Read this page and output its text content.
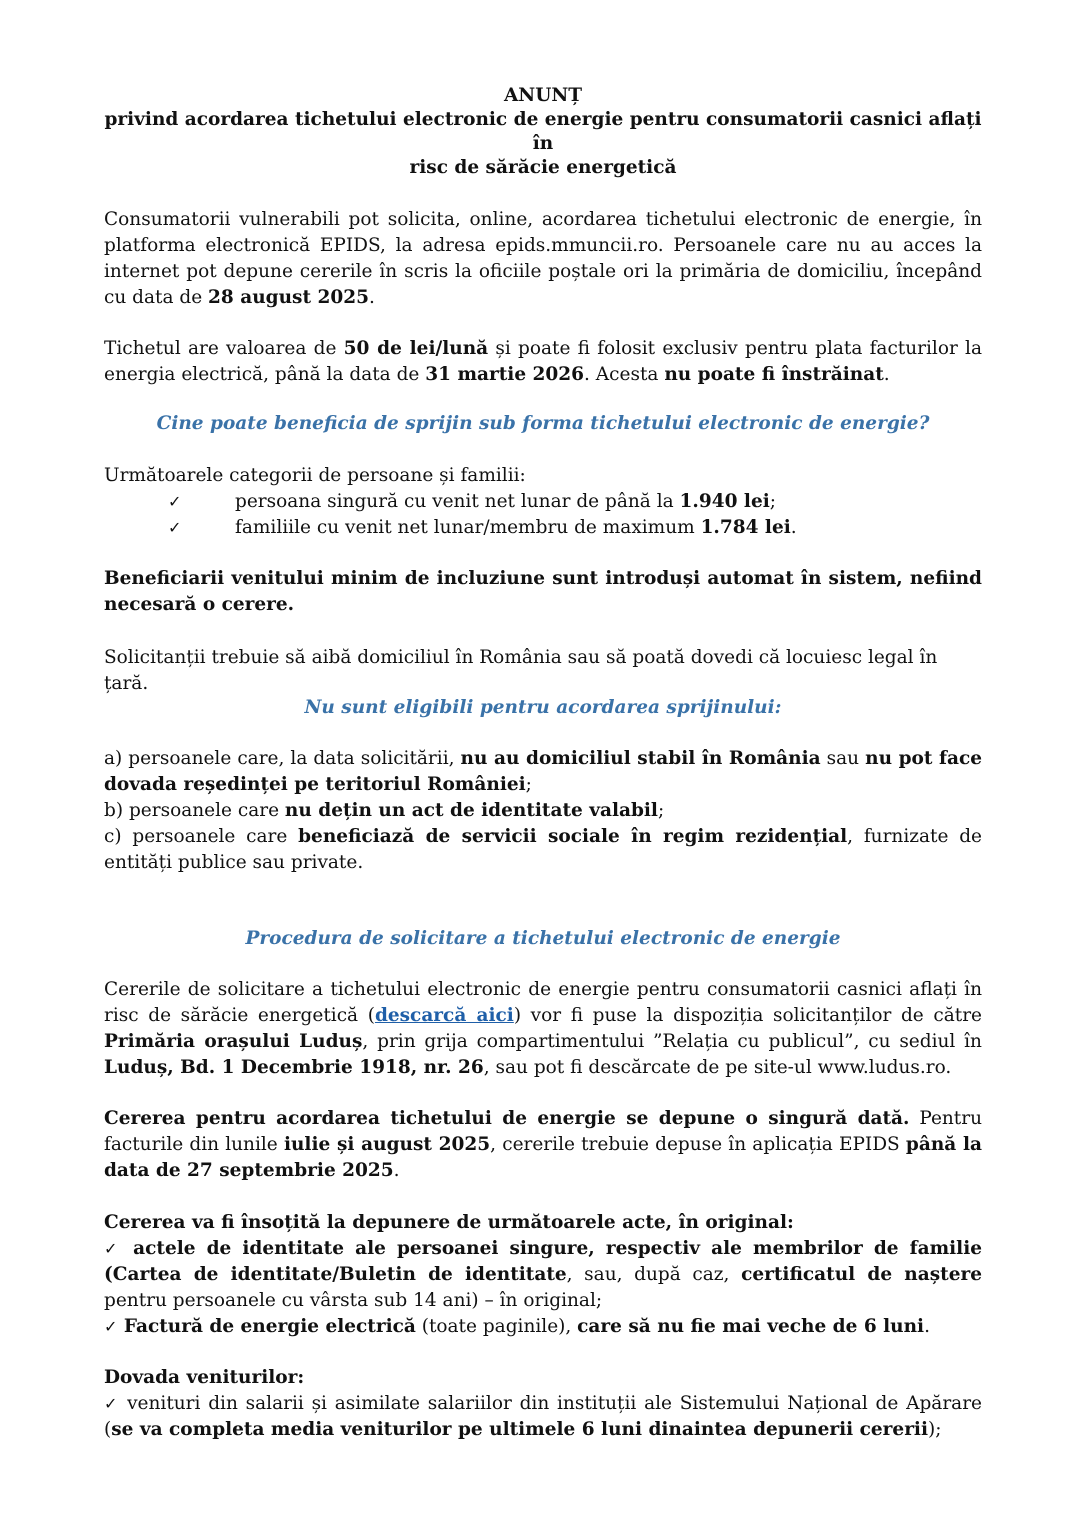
ANUNȚ
privind acordarea tichetului electronic de energie pentru consumatorii casnici aflați în
risc de sărăcie energetică

Consumatorii vulnerabili pot solicita, online, acordarea tichetului electronic de energie, în platforma electronică EPIDS, la adresa epids.mmuncii.ro. Persoanele care nu au acces la internet pot depune cererile în scris la oficiile poștale ori la primăria de domiciliu, începând cu data de 28 august 2025.

Tichetul are valoarea de 50 de lei/lună și poate fi folosit exclusiv pentru plata facturilor la energia electrică, până la data de 31 martie 2026. Acesta nu poate fi înstrăinat.

Cine poate beneficia de sprijin sub forma tichetului electronic de energie?

Următoarele categorii de persoane și familii:

✓	persoana singură cu venit net lunar de până la 1.940 lei;
✓	familiile cu venit net lunar/membru de maximum 1.784 lei.

Beneficiarii venitului minim de incluziune sunt introduși automat în sistem, nefiind necesară o cerere.

Solicitanții trebuie să aibă domiciliul în România sau să poată dovedi că locuiesc legal în țară.

Nu sunt eligibili pentru acordarea sprijinului:

a) persoanele care, la data solicitării, nu au domiciliul stabil în România sau nu pot face dovada reședinței pe teritoriul României;

b) persoanele care nu dețin un act de identitate valabil;

c) persoanele care beneficiază de servicii sociale în regim rezidențial, furnizate de entități publice sau private.

Procedura de solicitare a tichetului electronic de energie

Cererile de solicitare a tichetului electronic de energie pentru consumatorii casnici aflați în risc de sărăcie energetică (descarcă aici) vor fi puse la dispoziția solicitanților de către Primăria orașului Luduș, prin grija compartimentului ”Relația cu publicul”, cu sediul în Luduș, Bd. 1 Decembrie 1918, nr. 26, sau pot fi descărcate de pe site-ul www.ludus.ro.

Cererea pentru acordarea tichetului de energie se depune o singură dată. Pentru facturile din lunile iulie și august 2025, cererile trebuie depuse în aplicația EPIDS până la data de 27 septembrie 2025.

Cererea va fi însoțită la depunere de următoarele acte, în original:

✓ actele de identitate ale persoanei singure, respectiv ale membrilor de familie (Cartea de identitate/Buletin de identitate, sau, după caz, certificatul de naștere pentru persoanele cu vârsta sub 14 ani) – în original;

✓ Factură de energie electrică (toate paginile), care să nu fie mai veche de 6 luni.

Dovada veniturilor:

✓ venituri din salarii și asimilate salariilor din instituții ale Sistemului Național de Apărare (se va completa media veniturilor pe ultimele 6 luni dinaintea depunerii cererii);
